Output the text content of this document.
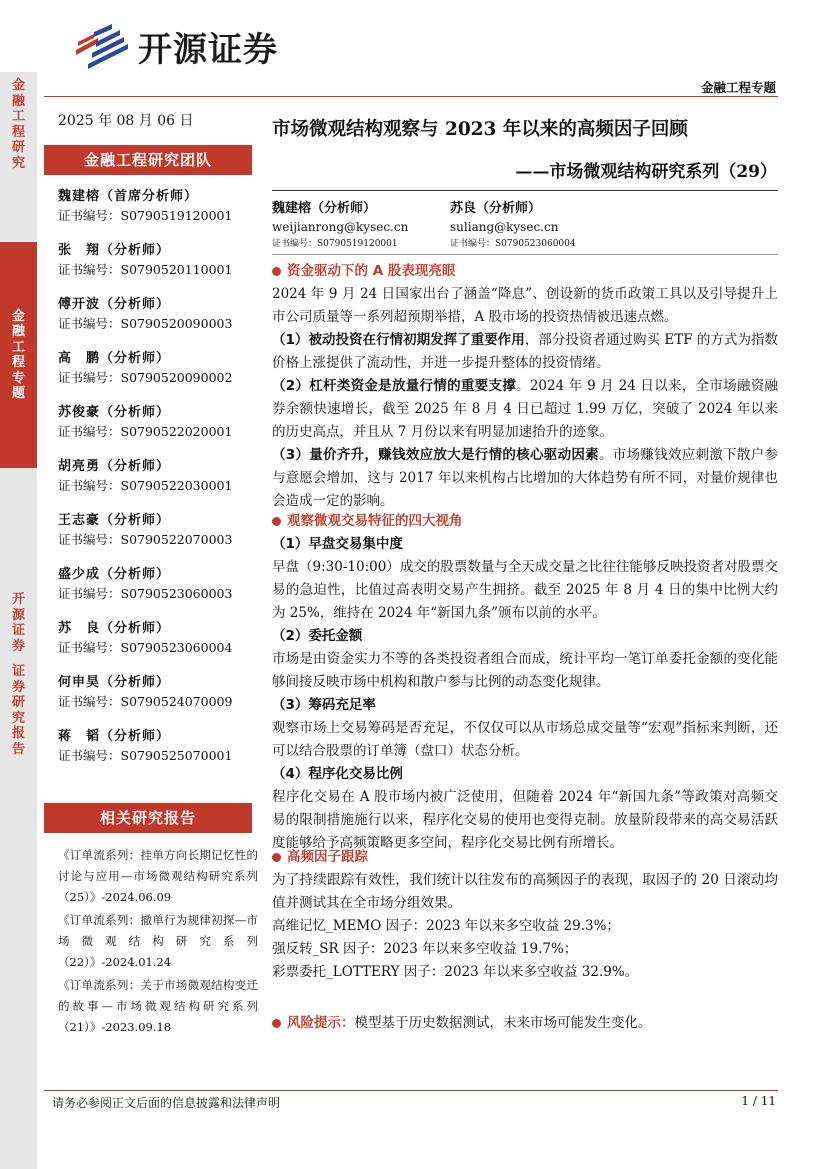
金
融
工
程
研
究
金
融
工
程
专
题
开
源
证
券

证
券
研
究
报
告
开源证券
金融工程专题
2025 年 08 月 06 日
金融工程研究团队
魏建榕（首席分析师）
证书编号：S0790519120001
张　翔（分析师）
证书编号：S0790520110001
傅开波（分析师）
证书编号：S0790520090003
高　鹏（分析师）
证书编号：S0790520090002
苏俊豪（分析师）
证书编号：S0790522020001
胡亮勇（分析师）
证书编号：S0790522030001
王志豪（分析师）
证书编号：S0790522070003
盛少成（分析师）
证书编号：S0790523060003
苏　良（分析师）
证书编号：S0790523060004
何申昊（分析师）
证书编号：S0790524070009
蒋　韬（分析师）
证书编号：S0790525070001
相关研究报告
《订单流系列：挂单方向长期记忆性的讨论与应用—市场微观结构研究系列（25）》-2024.06.09
《订单流系列：撤单行为规律初探—市场微观结构研究系列（22）》-2024.01.24
《订单流系列：关于市场微观结构变迁的故事—市场微观结构研究系列（21）》-2023.09.18
市场微观结构观察与 2023 年以来的高频因子回顾
——市场微观结构研究系列（29）
魏建榕（分析师）
weijianrong@kysec.cn
证书编号：S0790519120001
苏良（分析师）
suliang@kysec.cn
证书编号：S0790523060004
资金驱动下的 A 股表现亮眼
2024 年 9 月 24 日国家出台了涵盖“降息”、创设新的货币政策工具以及引导提升上市公司质量等一系列超预期举措，A 股市场的投资热情被迅速点燃。
（1）被动投资在行情初期发挥了重要作用，部分投资者通过购买 ETF 的方式为指数价格上涨提供了流动性，并进一步提升整体的投资情绪。
（2）杠杆类资金是放量行情的重要支撑。2024 年 9 月 24 日以来，全市场融资融券余额快速增长，截至 2025 年 8 月 4 日已超过 1.99 万亿，突破了 2024 年以来的历史高点，并且从 7 月份以来有明显加速抬升的迹象。
（3）量价齐升，赚钱效应放大是行情的核心驱动因素。市场赚钱效应刺激下散户参与意愿会增加，这与 2017 年以来机构占比增加的大体趋势有所不同，对量价规律也会造成一定的影响。
观察微观交易特征的四大视角
（1）早盘交易集中度
早盘（9:30-10:00）成交的股票数量与全天成交量之比往往能够反映投资者对股票交易的急迫性，比值过高表明交易产生拥挤。截至 2025 年 8 月 4 日的集中比例大约为 25%，维持在 2024 年“新国九条”颁布以前的水平。
（2）委托金额
市场是由资金实力不等的各类投资者组合而成，统计平均一笔订单委托金额的变化能够间接反映市场中机构和散户参与比例的动态变化规律。
（3）筹码充足率
观察市场上交易筹码是否充足，不仅仅可以从市场总成交量等“宏观”指标来判断，还可以结合股票的订单簿（盘口）状态分析。
（4）程序化交易比例
程序化交易在 A 股市场内被广泛使用，但随着 2024 年“新国九条”等政策对高频交易的限制措施施行以来，程序化交易的使用也变得克制。放量阶段带来的高交易活跃度能够给予高频策略更多空间，程序化交易比例有所增长。
高频因子跟踪
为了持续跟踪有效性，我们统计以往发布的高频因子的表现，取因子的 20 日滚动均值并测试其在全市场分组效果。
高维记忆_MEMO 因子：2023 年以来多空收益 29.3%；
强反转_SR 因子：2023 年以来多空收益 19.7%；
彩票委托_LOTTERY 因子：2023 年以来多空收益 32.9%。
风险提示： 模型基于历史数据测试，未来市场可能发生变化。
请务必参阅正文后面的信息披露和法律声明	1 / 11
